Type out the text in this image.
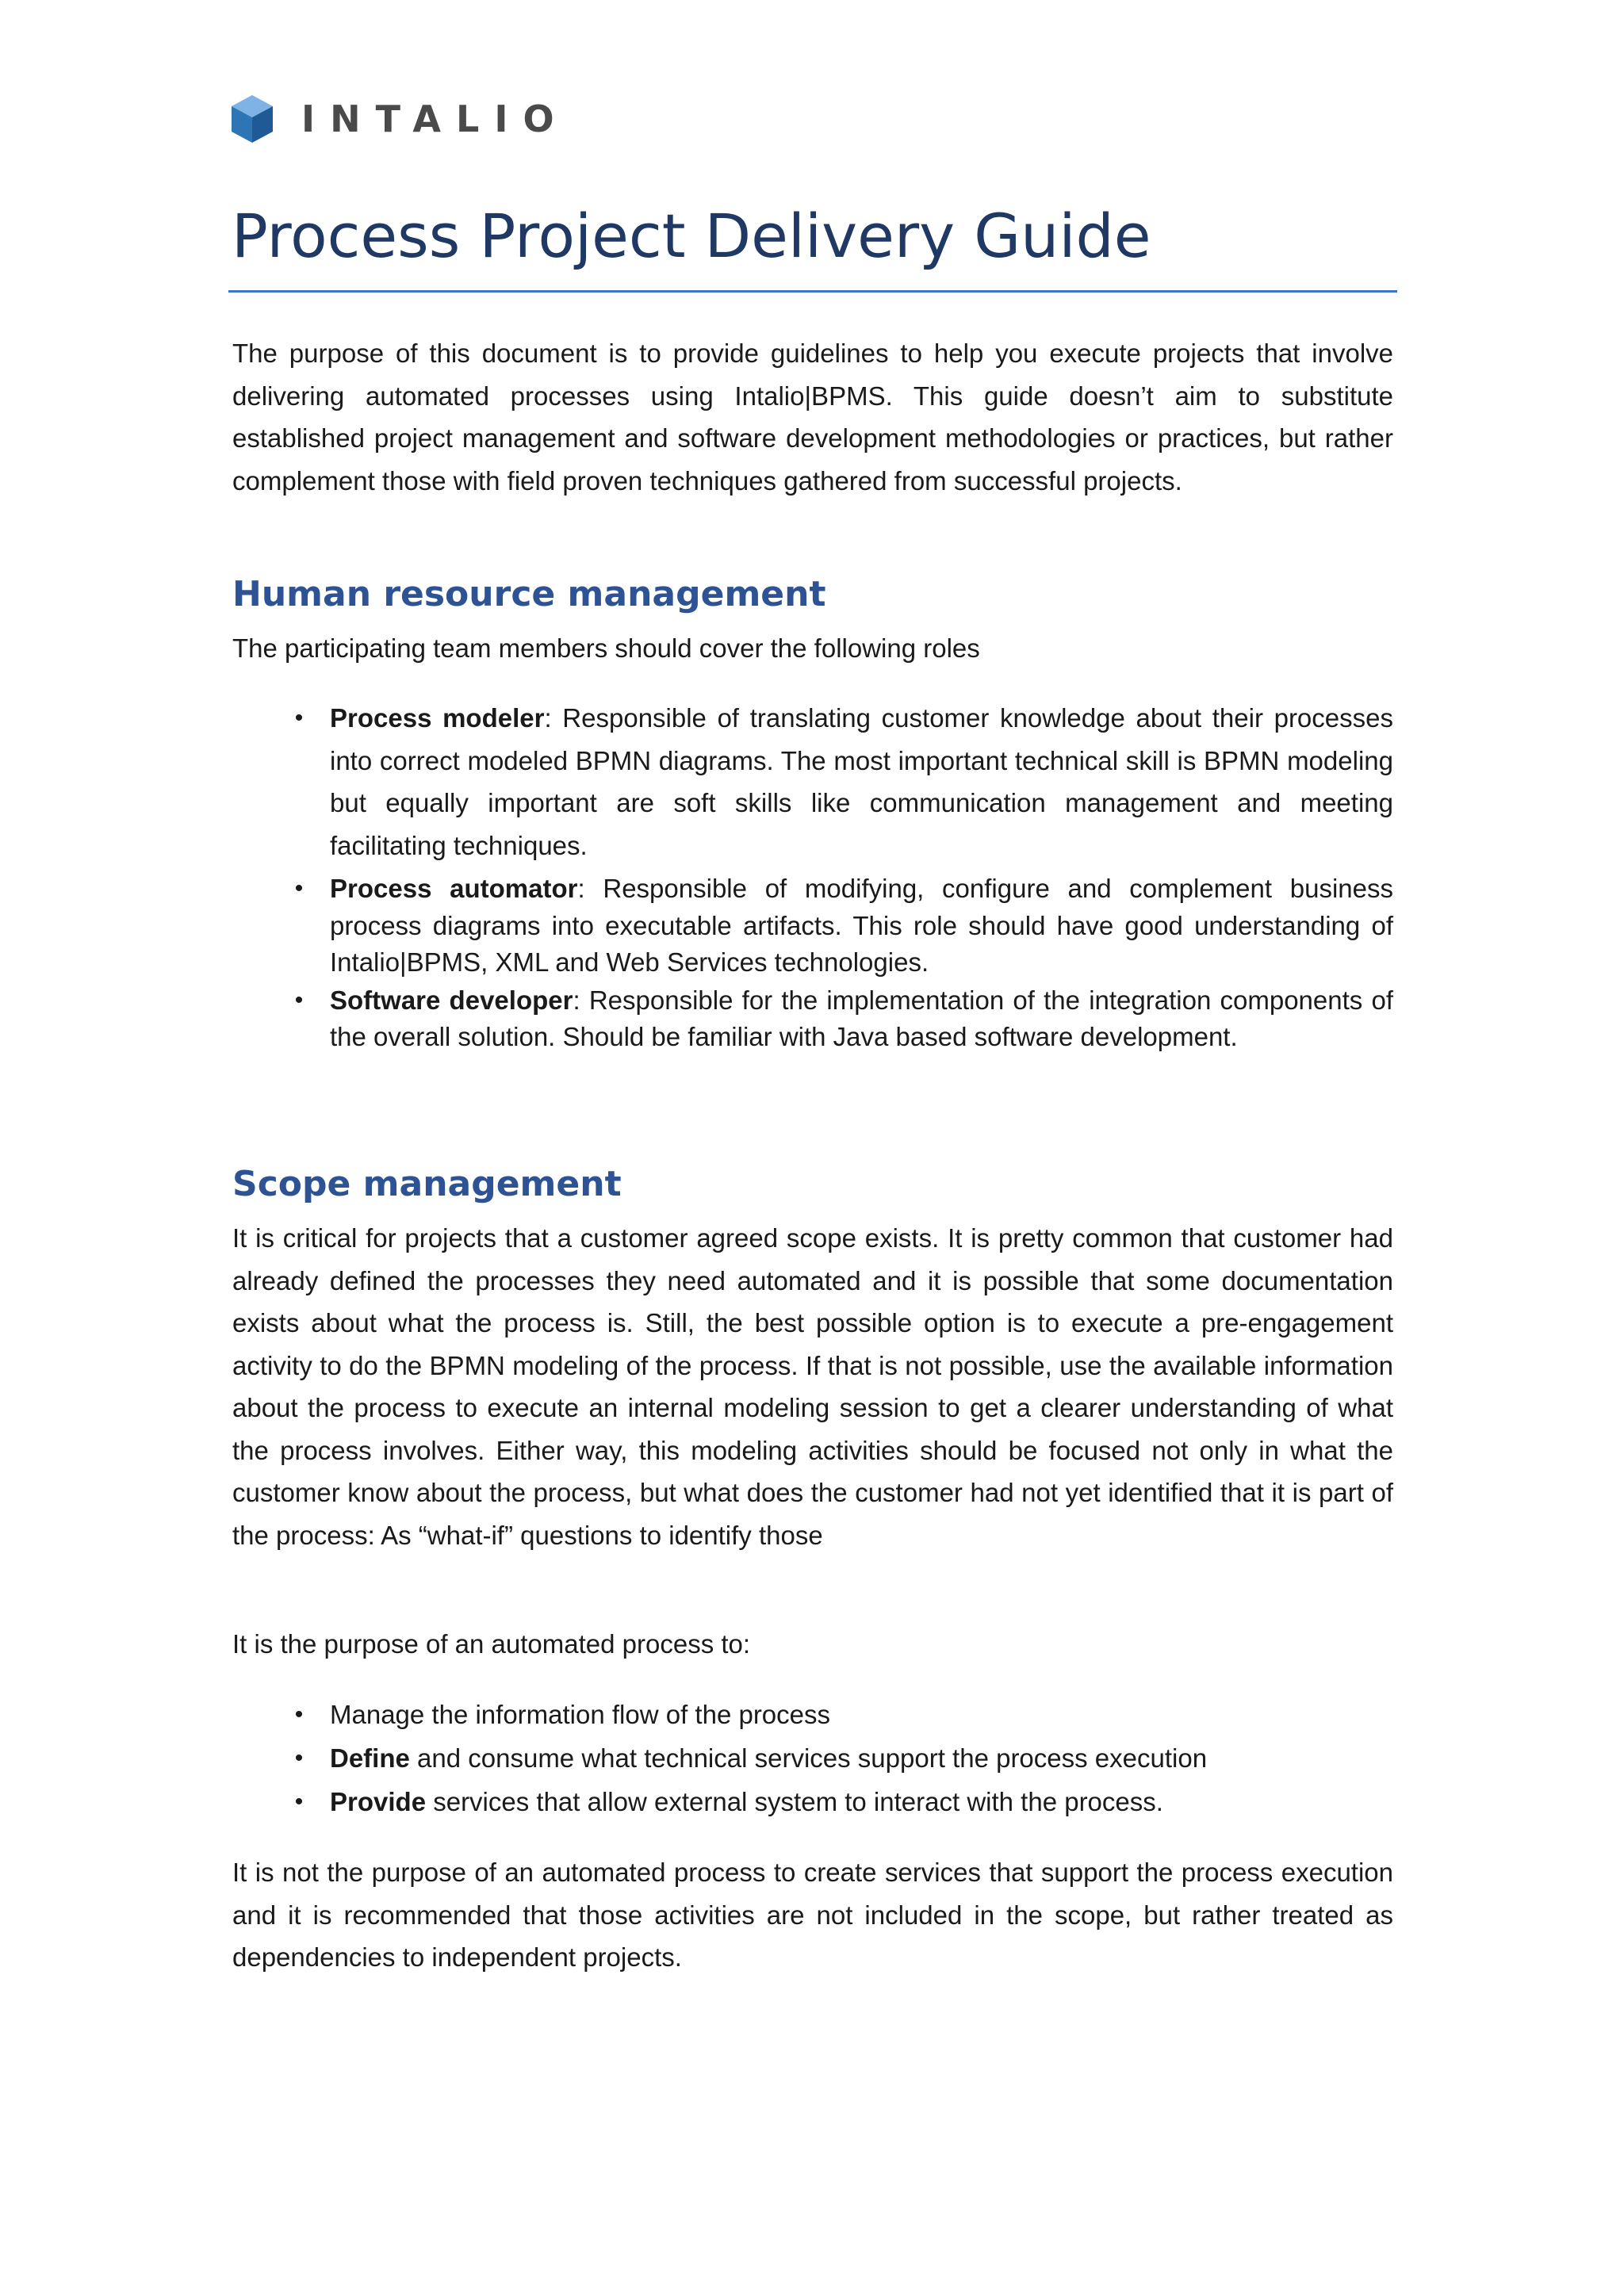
INTALIO
Process Project Delivery Guide

The purpose of this document is to provide guidelines to help you execute projects that involve delivering automated processes using Intalio|BPMS. This guide doesn’t aim to substitute established project management and software development methodologies or practices, but rather complement those with field proven techniques gathered from successful projects.

Human resource management

The participating team members should cover the following roles

•	Process modeler: Responsible of translating customer knowledge about their processes into correct modeled BPMN diagrams. The most important technical skill is BPMN modeling but equally important are soft skills like communication management and meeting facilitating techniques.
•	Process automator: Responsible of modifying, configure and complement business process diagrams into executable artifacts. This role should have good understanding of Intalio|BPMS, XML and Web Services technologies.
•	Software developer: Responsible for the implementation of the integration components of the overall solution. Should be familiar with Java based software development.
Scope management

It is critical for projects that a customer agreed scope exists. It is pretty common that customer had already defined the processes they need automated and it is possible that some documentation exists about what the process is. Still, the best possible option is to execute a pre-engagement activity to do the BPMN modeling of the process. If that is not possible, use the available information about the process to execute an internal modeling session to get a clearer understanding of what the process involves. Either way, this modeling activities should be focused not only in what the customer know about the process, but what does the customer had not yet identified that it is part of the process: As “what-if” questions to identify those

It is the purpose of an automated process to:

•	Manage the information flow of the process
•	Define and consume what technical services support the process execution
•	Provide services that allow external system to interact with the process.

It is not the purpose of an automated process to create services that support the process execution and it is recommended that those activities are not included in the scope, but rather treated as dependencies to independent projects.
